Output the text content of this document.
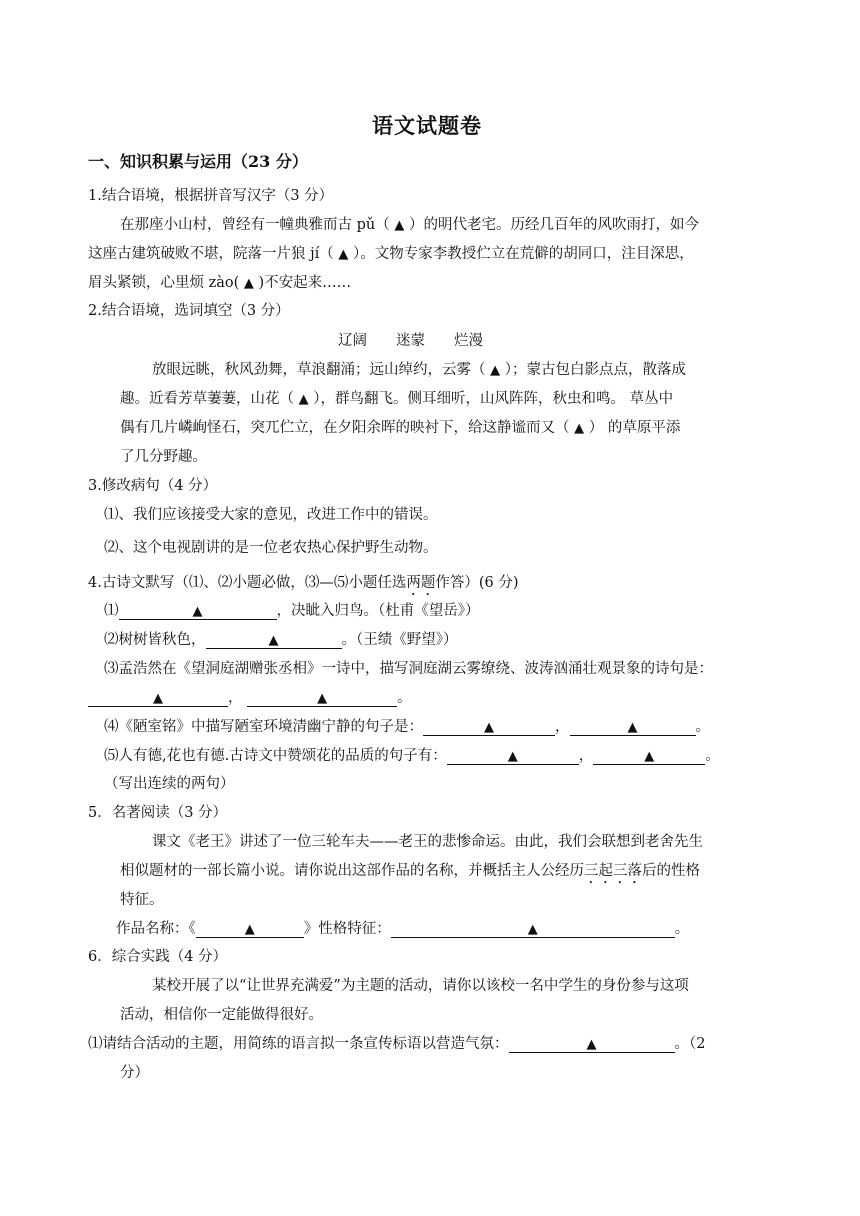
语文试题卷
一、知识积累与运用（23 分）
1.结合语境，根据拼音写汉字（3 分）
在那座小山村，曾经有一幢典雅而古 pǔ（ ▲ ）的明代老宅。历经几百年的风吹雨打，如今
这座古建筑破败不堪，院落一片狼 jí（ ▲ ）。文物专家李教授伫立在荒僻的胡同口，注目深思，
眉头紧锁，心里烦 zào( ▲ )不安起来……
2.结合语境，选词填空（3 分）
辽阔　　迷蒙　　烂漫
放眼远眺，秋风劲舞，草浪翻涌；远山绰约，云雾（ ▲ ）；蒙古包白影点点，散落成
趣。近看芳草萋萋，山花（ ▲ ），群鸟翻飞。侧耳细听，山风阵阵，秋虫和鸣。 草丛中
偶有几片嶙峋怪石，突兀伫立，在夕阳余晖的映衬下，给这静谧而又（ ▲ ） 的草原平添
了几分野趣。
3.修改病句（4 分）
⑴、我们应该接受大家的意见，改进工作中的错误。
⑵、这个电视剧讲的是一位老农热心保护野生动物。
4.古诗文默写（⑴、⑵小题必做，⑶—⑸小题任选两题作答）(6 分)
⑴	▲	，决眦入归鸟。（杜甫《望岳》）
⑵树树皆秋色，	▲	。（王绩《野望》）
⑶孟浩然在《望洞庭湖赠张丞相》一诗中，描写洞庭湖云雾缭绕、波涛汹涌壮观景象的诗句是：
▲	，	▲	。
⑷《陋室铭》中描写陋室环境清幽宁静的句子是：	▲	，	▲	。
⑸人有德,花也有德.古诗文中赞颂花的品质的句子有：	▲	，	▲	。
（写出连续的两句）
5．名著阅读（3 分）
课文《老王》讲述了一位三轮车夫——老王的悲惨命运。由此，我们会联想到老舍先生
相似题材的一部长篇小说。请你说出这部作品的名称，并概括主人公经历三起三落后的性格
特征。
作品名称：《	▲	》性格特征：	▲	。
6．综合实践（4 分）
某校开展了以“让世界充满爱”为主题的活动，请你以该校一名中学生的身份参与这项
活动，相信你一定能做得很好。
⑴请结合活动的主题，用简练的语言拟一条宣传标语以营造气氛：	▲	。（2
分）
